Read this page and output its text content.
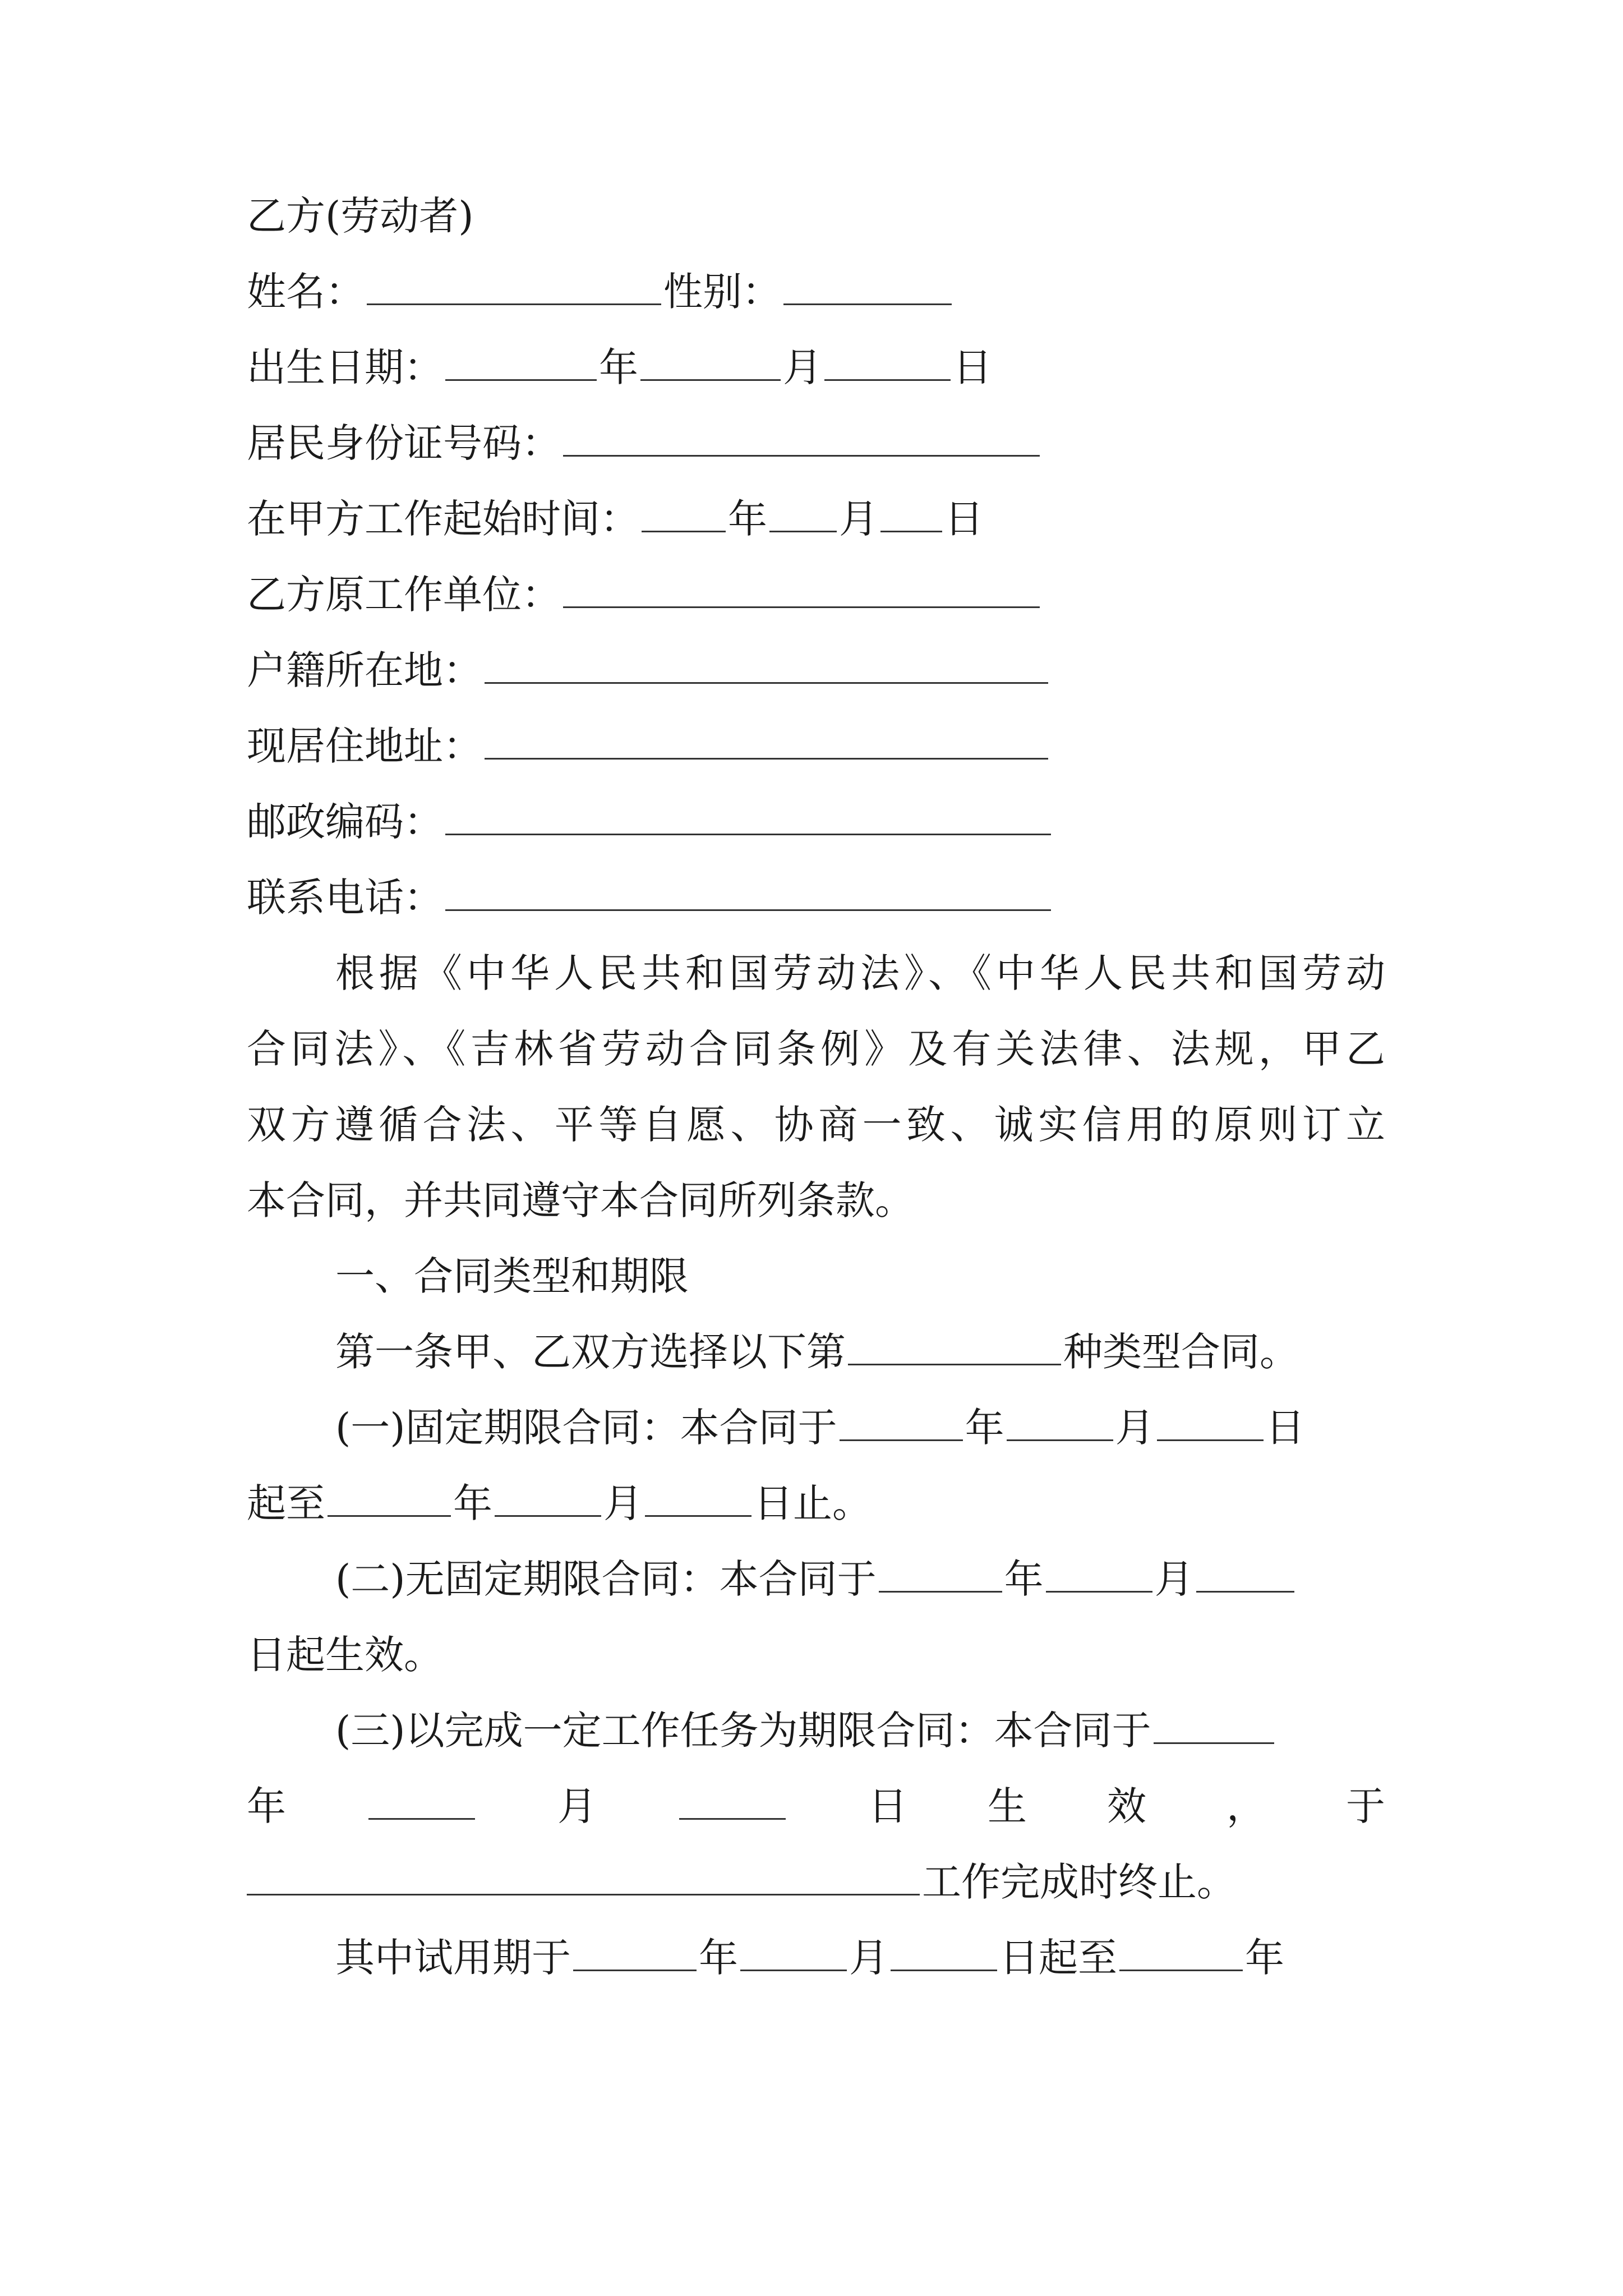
乙方(劳动者)
姓名：	性别：
出生日期：	年	月	日
居民身份证号码：
在甲方工作起始时间： 年 月 日
乙方原工作单位：
户籍所在地：
现居住地址：
邮政编码：
联系电话：
根据《中华人民共和国劳动法》、《中华人民共和国劳动
合同法》、《吉林省劳动合同条例》及有关法律、法规，甲乙
双方遵循合法、平等自愿、协商一致、诚实信用的原则订立
本合同，并共同遵守本合同所列条款。
一、合同类型和期限
第一条甲、乙双方选择以下第	种类型合同。
(一)固定期限合同：本合同于	年	月	日
起至	年	月	日止。
(二)无固定期限合同：本合同于	年	月
日起生效。
(三)以完成一定工作任务为期限合同：本合同于
年	月	日 生 效 ， 于
工作完成时终止。
其中试用期于	年	月	日起至	年
